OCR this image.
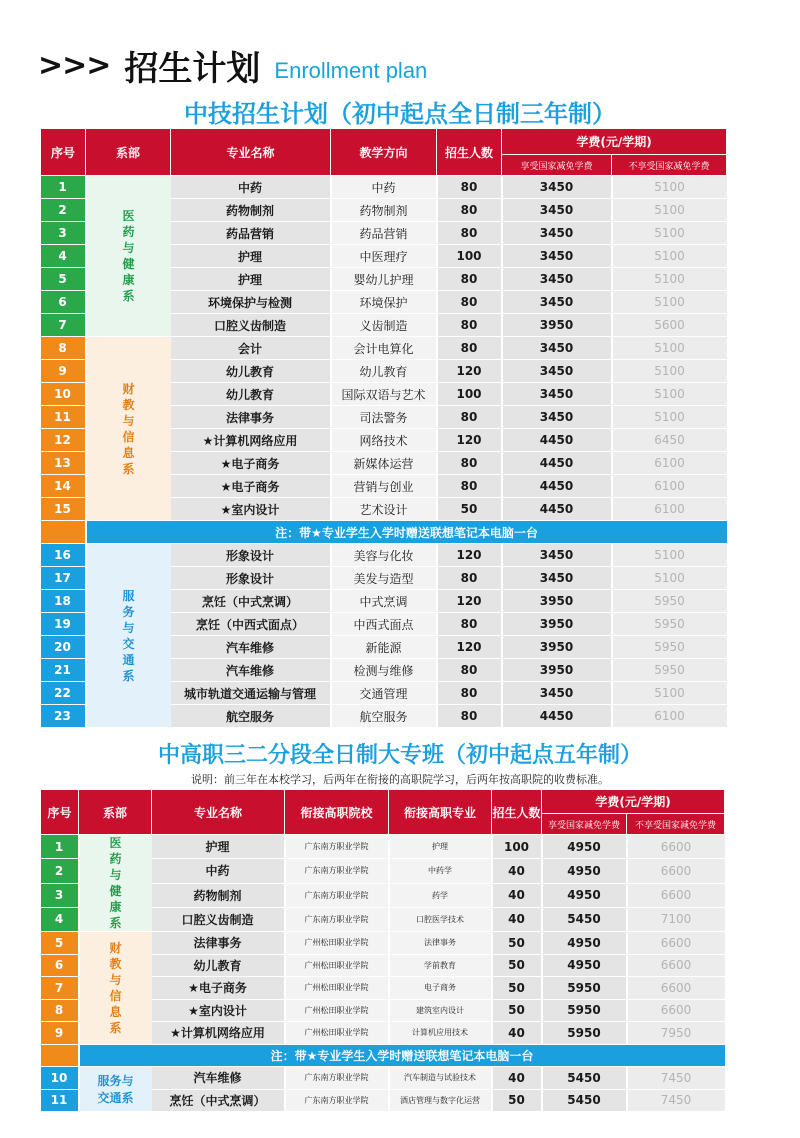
>>> 招生计划 Enrollment plan
中技招生计划（初中起点全日制三年制）
序号	系部	专业名称	教学方向	招生人数	学费(元/学期)	
					享受国家减免学费	不享受国家减免学费
1	医药与健康系	中药	中药	80	3450	5100
2		药物制剂	药物制剂	80	3450	5100
3		药品营销	药品营销	80	3450	5100
4		护理	中医理疗	100	3450	5100
5		护理	婴幼儿护理	80	3450	5100
6		环境保护与检测	环境保护	80	3450	5100
7		口腔义齿制造	义齿制造	80	3950	5600
8	财教与信息系	会计	会计电算化	80	3450	5100
9		幼儿教育	幼儿教育	120	3450	5100
10		幼儿教育	国际双语与艺术	100	3450	5100
11		法律事务	司法警务	80	3450	5100
12		★计算机网络应用	网络技术	120	4450	6450
13		★电子商务	新媒体运营	80	4450	6100
14		★电子商务	营销与创业	80	4450	6100
15		★室内设计	艺术设计	50	4450	6100
	注：带★专业学生入学时赠送联想笔记本电脑一台					
16	服务与交通系	形象设计	美容与化妆	120	3450	5100
17		形象设计	美发与造型	80	3450	5100
18		烹饪（中式烹调）	中式烹调	120	3950	5950
19		烹饪（中西式面点）	中西式面点	80	3950	5950
20		汽车维修	新能源	120	3950	5950
21		汽车维修	检测与维修	80	3950	5950
22		城市轨道交通运输与管理	交通管理	80	3450	5100
23		航空服务	航空服务	80	4450	6100
中高职三二分段全日制大专班（初中起点五年制）
说明：前三年在本校学习，后两年在衔接的高职院学习，后两年按高职院的收费标准。
序号	系部	专业名称	衔接高职院校	衔接高职专业	招生人数	学费(元/学期)	
						享受国家减免学费	不享受国家减免学费
1	医药与健康系	护理	广东南方职业学院	护理	100	4950	6600
2		中药	广东南方职业学院	中药学	40	4950	6600
3		药物制剂	广东南方职业学院	药学	40	4950	6600
4		口腔义齿制造	广东南方职业学院	口腔医学技术	40	5450	7100
5	财教与信息系	法律事务	广州松田职业学院	法律事务	50	4950	6600
6		幼儿教育	广州松田职业学院	学前教育	50	4950	6600
7		★电子商务	广州松田职业学院	电子商务	50	5950	6600
8		★室内设计	广州松田职业学院	建筑室内设计	50	5950	6600
9		★计算机网络应用	广州松田职业学院	计算机应用技术	40	5950	7950
	注：带★专业学生入学时赠送联想笔记本电脑一台						
10	服务与交通系	汽车维修	广东南方职业学院	汽车制造与试验技术	40	5450	7450
11		烹饪（中式烹调）	广东南方职业学院	酒店管理与数字化运营	50	5450	7450
